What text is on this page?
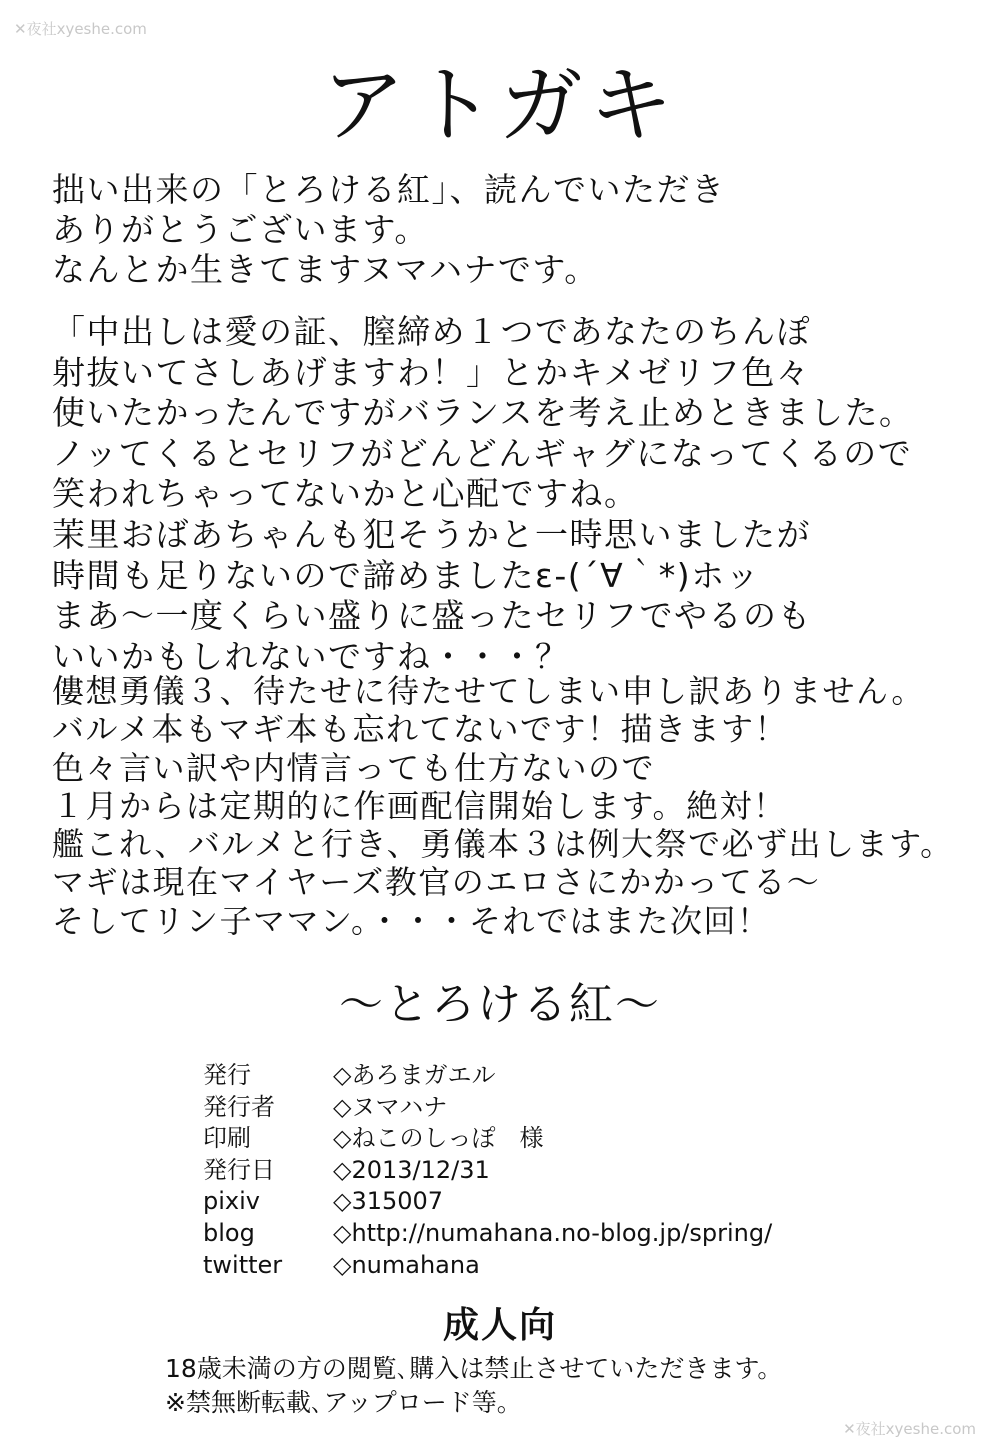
✕夜社xyeshe.com
アトガキ
拙い出来の「とろける紅」、読んでいただき
ありがとうございます。
なんとか生きてますヌマハナです。
「中出しは愛の証、膣締め１つであなたのちんぽ
射抜いてさしあげますわ！」とかキメゼリフ色々
使いたかったんですがバランスを考え止めときました。
ノッてくるとセリフがどんどんギャグになってくるので
笑われちゃってないかと心配ですね。
茉里おばあちゃんも犯そうかと一時思いましたが
時間も足りないので諦めましたε-(´∀｀*)ホッ
まあ～一度くらい盛りに盛ったセリフでやるのも
いいかもしれないですね・・・？
僂想勇儀３、待たせに待たせてしまい申し訳ありません。
バルメ本もマギ本も忘れてないです！描きます！
色々言い訳や内情言っても仕方ないので
１月からは定期的に作画配信開始します。絶対！
艦これ、バルメと行き、勇儀本３は例大祭で必ず出します。
マギは現在マイヤーズ教官のエロさにかかってる～
そしてリン子ママン。・・・それではまた次回！
～とろける紅～
発行	◇あろまガエル
発行者 ◇ヌマハナ
印刷	◇ねこのしっぽ　様
発行日 ◇2013/12/31
pixiv	◇315007
blog	◇http://numahana.no-blog.jp/spring/
twitter ◇numahana
成人向
18歳未満の方の閲覧､購入は禁止させていただきます。
※禁無断転載､アップロード等。
✕夜社xyeshe.com
